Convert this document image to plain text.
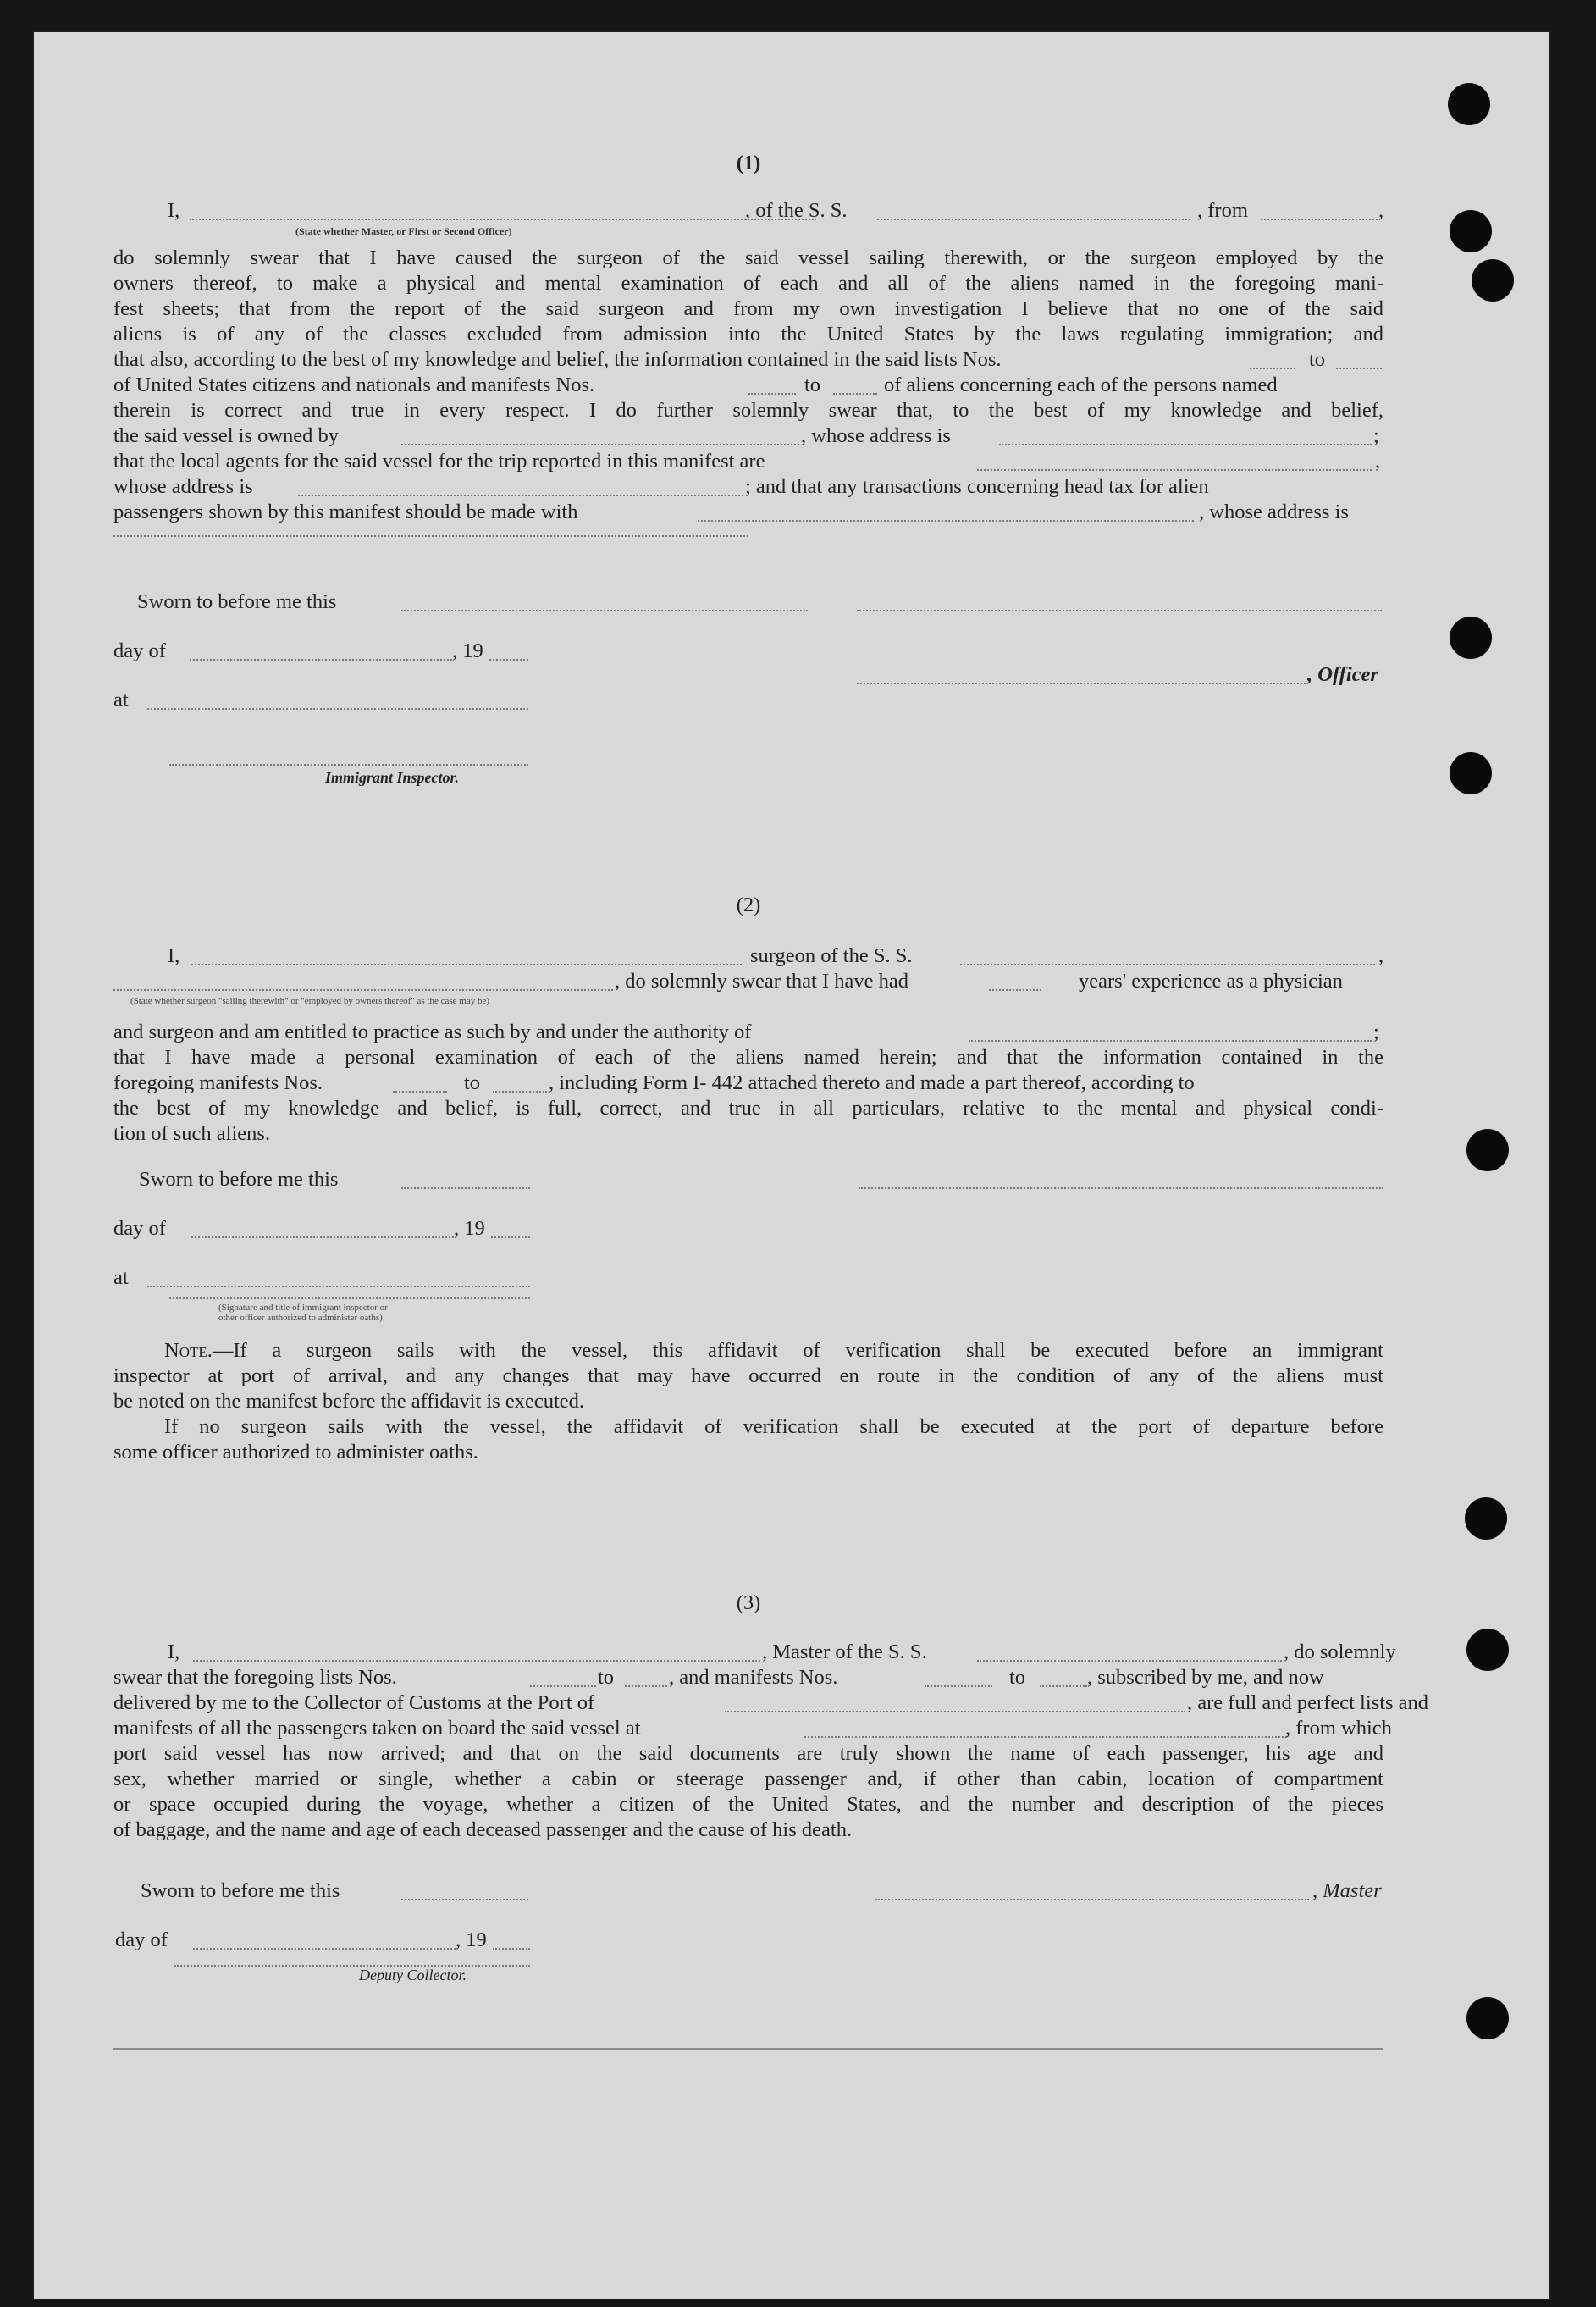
(1)
I,	, of the S. S.	, from	,
(State whether Master, or First or Second Officer)
do solemnly swear that I have caused the surgeon of the said vessel sailing therewith, or the surgeon employed by the
owners thereof, to make a physical and mental examination of each and all of the aliens named in the foregoing mani-
fest sheets; that from the report of the said surgeon and from my own investigation I believe that no one of the said
aliens is of any of the classes excluded from admission into the United States by the laws regulating immigration; and
that also, according to the best of my knowledge and belief, the information contained in the said lists Nos.	to
of United States citizens and nationals and manifests Nos.	to	of aliens concerning each of the persons named
therein is correct and true in every respect. I do further solemnly swear that, to the best of my knowledge and belief,
the said vessel is owned by	, whose address is	;
that the local agents for the said vessel for the trip reported in this manifest are	,
whose address is	; and that any transactions concerning head tax for alien
passengers shown by this manifest should be made with	, whose address is
Sworn to before me this
day of	, 19
, Officer
at
Immigrant Inspector.
(2)
I,	surgeon of the S. S.	,
, do solemnly swear that I have had	years' experience as a physician
(State whether surgeon "sailing therewith" or "employed by owners thereof" as the case may be)
and surgeon and am entitled to practice as such by and under the authority of	;
that I have made a personal examination of each of the aliens named herein; and that the information contained in the
foregoing manifests Nos.	to	, including Form I- 442 attached thereto and made a part thereof, according to
the best of my knowledge and belief, is full, correct, and true in all particulars, relative to the mental and physical condi-
tion of such aliens.
Sworn to before me this
day of	, 19
at
(Signature and title of immigrant inspector or
other officer authorized to administer oaths)
Note.—If a surgeon sails with the vessel, this affidavit of verification shall be executed before an immigrant
inspector at port of arrival, and any changes that may have occurred en route in the condition of any of the aliens must
be noted on the manifest before the affidavit is executed.
If no surgeon sails with the vessel, the affidavit of verification shall be executed at the port of departure before
some officer authorized to administer oaths.
(3)
I,	, Master of the S. S.	, do solemnly
swear that the foregoing lists Nos.	to	, and manifests Nos.	to	, subscribed by me, and now
delivered by me to the Collector of Customs at the Port of	, are full and perfect lists and
manifests of all the passengers taken on board the said vessel at	, from which
port said vessel has now arrived; and that on the said documents are truly shown the name of each passenger, his age and
sex, whether married or single, whether a cabin or steerage passenger and, if other than cabin, location of compartment
or space occupied during the voyage, whether a citizen of the United States, and the number and description of the pieces
of baggage, and the name and age of each deceased passenger and the cause of his death.
Sworn to before me this	, Master
day of	, 19
Deputy Collector.
